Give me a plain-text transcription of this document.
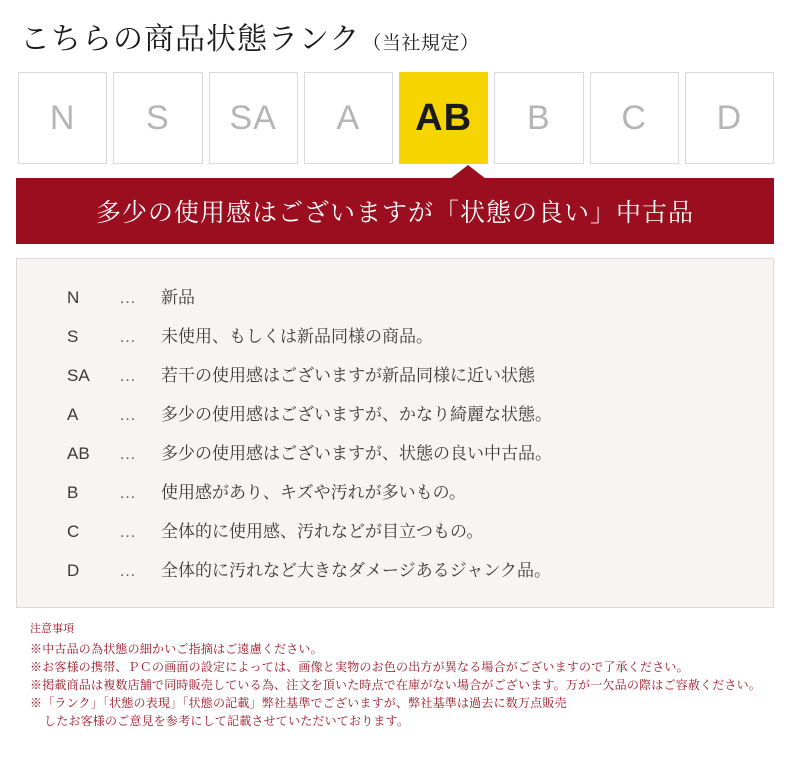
こちらの商品状態ランク （当社規定）
N	S	SA	A	AB	B	C	D
多少の使用感はございますが「状態の良い」中古品
N	…	新品
S	…	未使用、もしくは新品同様の商品。
SA	…	若干の使用感はございますが新品同様に近い状態
A	…	多少の使用感はございますが、かなり綺麗な状態。
AB	…	多少の使用感はございますが、状態の良い中古品。
B	…	使用感があり、キズや汚れが多いもの。
C	…	全体的に使用感、汚れなどが目立つもの。
D	…	全体的に汚れなど大きなダメージあるジャンク品。
注意事項
※中古品の為状態の細かいご指摘はご遠慮ください。
※お客様の携帯、ＰＣの画面の設定によっては、画像と実物のお色の出方が異なる場合がございますので了承ください。
※掲載商品は複数店舗で同時販売している為、注文を頂いた時点で在庫がない場合がございます。万が一欠品の際はご容赦ください。
※「ランク」「状態の表現」「状態の記載」弊社基準でございますが、弊社基準は過去に数万点販売
したお客様のご意見を参考にして記載させていただいております。
